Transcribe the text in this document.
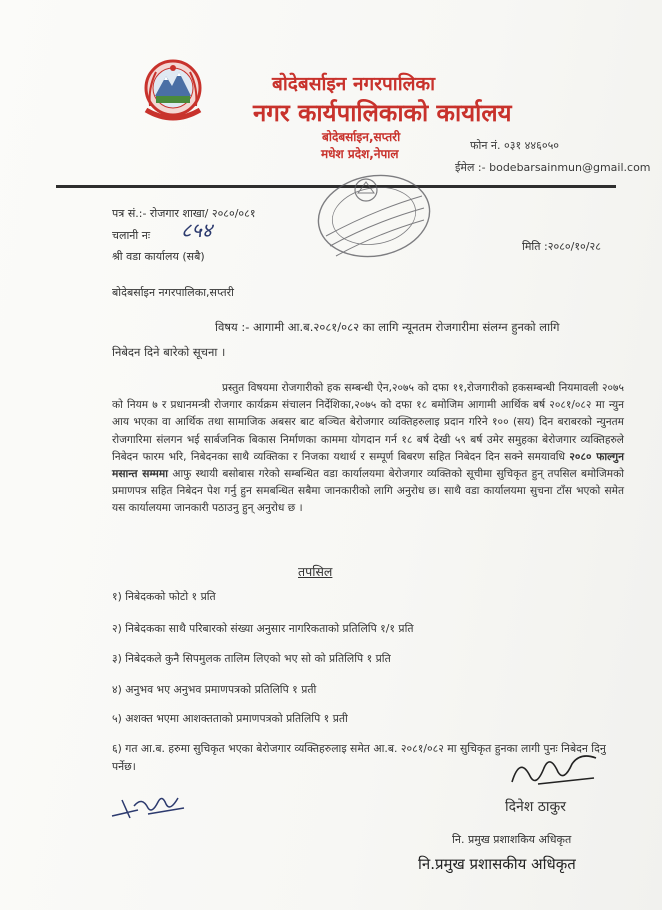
बोदेबर्साइन नगरपालिका
नगर कार्यपालिकाको कार्यालय
बोदेबर्साइन,सप्तरी
मधेश प्रदेश,नेपाल
फोन नं. ०३१ ४४६०५०
ईमेल :- bodebarsainmun@gmail.com
पत्र सं.:- रोजगार शाखा/ २०८०/०८१
चलानी नः ८५४
मिति :२०८०/१०/२८
श्री वडा कार्यालय (सबै)
बोदेबर्साइन नगरपालिका,सप्तरी
विषय :- आगामी आ.ब.२०८१/०८२ का लागि न्यूनतम रोजगारीमा संलग्न हुनको लागि
निबेदन दिने बारेको सूचना ।
प्रस्तुत विषयमा रोजगारीको हक सम्बन्धी ऐन,२०७५ को दफा ११,रोजगारीको हकसम्बन्धी नियमावली २०७५ को नियम ७ र प्रधानमन्त्री रोजगार कार्यक्रम संचालन निर्देशिका,२०७५ को दफा १८ बमोजिम आगामी आर्थिक बर्ष २०८१/०८२ मा न्युन आय भएका वा आर्थिक तथा सामाजिक अबसर बाट बञ्चित बेरोजगार व्यक्तिहरुलाइ प्रदान गरिने १०० (सय) दिन बराबरको न्युनतम रोजगारिमा संलगन भई सार्बजनिक बिकास निर्माणका काममा योगदान गर्न १८ बर्ष देखी ५९ बर्ष उमेर समुहका बेरोजगार व्यक्तिहरुले निबेदन फारम भरि, निबेदनका साथै व्यक्तिका र निजका यथार्थ र सम्पूर्ण बिबरण सहित निबेदन दिन सक्ने समयावधि २०८० फाल्गुन मसान्त सम्ममा आफु स्थायी बसोबास गरेको सम्बन्धित वडा कार्यालयमा बेरोजगार व्यक्तिको सूचीमा सुचिकृत हुन् तपसिल बमोजिमको प्रमाणपत्र सहित निबेदन पेश गर्नु हुन समबन्धित सबैमा जानकारीको लागि अनुरोध छ। साथै वडा कार्यालयमा सुचना टाँस भएको समेत यस कार्यालयमा जानकारी पठाउनु हुन् अनुरोध छ ।
तपसिल
१) निबेदकको फोटो १ प्रति
२) निबेदकका साथै परिबारको संख्या अनुसार नागरिकताको प्रतिलिपि १/१ प्रति
३) निबेदकले कुनै सिपमुलक तालिम लिएको भए सो को प्रतिलिपि १ प्रति
४) अनुभव भए अनुभव प्रमाणपत्रको प्रतिलिपि १ प्रती
५) अशक्त भएमा आशक्तताको प्रमाणपत्रको प्रतिलिपि १ प्रती
६) गत आ.ब. हरुमा सुचिकृत भएका बेरोजगार व्यक्तिहरुलाइ समेत आ.ब. २०८१/०८२ मा सुचिकृत हुनका लागी पुनः निबेदन दिनु पर्नेछ।
दिनेश ठाकुर
नि. प्रमुख प्रशाशकिय अधिकृत
नि.प्रमुख प्रशासकीय अधिकृत
